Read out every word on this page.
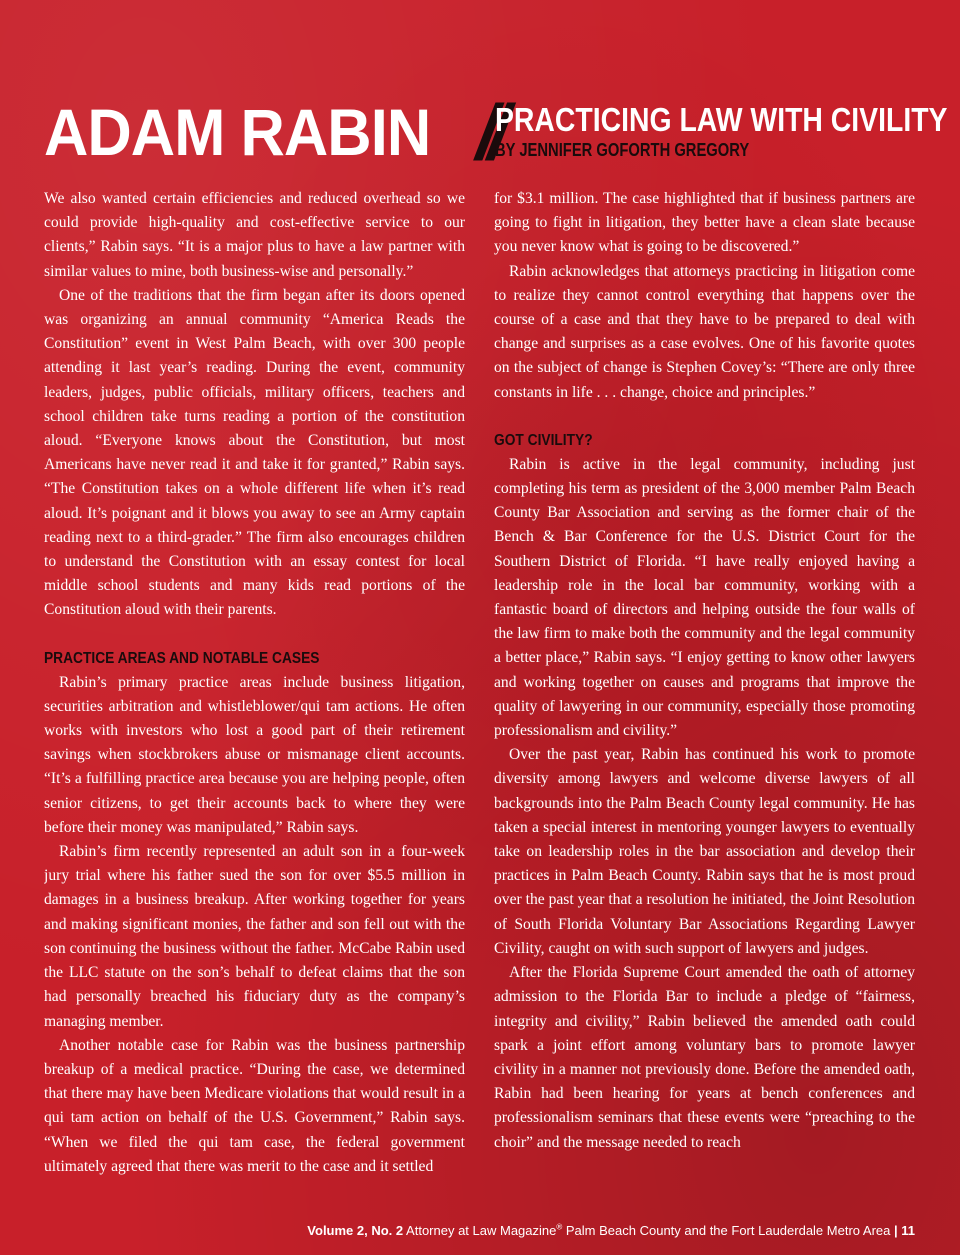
ADAM RABIN //
PRACTICING LAW WITH CIVILITY
BY JENNIFER GOFORTH GREGORY

We also wanted certain efficiencies and reduced overhead so we could provide high-quality and cost-effective service to our clients,” Rabin says. “It is a major plus to have a law partner with similar values to mine, both business-wise and personally.”

One of the traditions that the firm began after its doors opened was organizing an annual community “America Reads the Constitution” event in West Palm Beach, with over 300 people attending it last year’s reading. During the event, community leaders, judges, public officials, military officers, teachers and school children take turns reading a portion of the constitution aloud. “Everyone knows about the Constitution, but most Americans have never read it and take it for granted,” Rabin says. “The Constitution takes on a whole different life when it’s read aloud. It’s poignant and it blows you away to see an Army captain reading next to a third-grader.” The firm also encourages children to understand the Constitution with an essay contest for local middle school students and many kids read portions of the Constitution aloud with their parents.

PRACTICE AREAS AND NOTABLE CASES

Rabin’s primary practice areas include business litigation, securities arbitration and whistleblower/qui tam actions. He often works with investors who lost a good part of their retirement savings when stockbrokers abuse or mismanage client accounts. “It’s a fulfilling practice area because you are helping people, often senior citizens, to get their accounts back to where they were before their money was manipulated,” Rabin says.

Rabin’s firm recently represented an adult son in a four-week jury trial where his father sued the son for over $5.5 million in damages in a business breakup. After working together for years and making significant monies, the father and son fell out with the son continuing the business without the father. McCabe Rabin used the LLC statute on the son’s behalf to defeat claims that the son had personally breached his fiduciary duty as the company’s managing member.

Another notable case for Rabin was the business partnership breakup of a medical practice. “During the case, we determined that there may have been Medicare violations that would result in a qui tam action on behalf of the U.S. Government,” Rabin says. “When we filed the qui tam case, the federal government ultimately agreed that there was merit to the case and it settled

for $3.1 million. The case highlighted that if business partners are going to fight in litigation, they better have a clean slate because you never know what is going to be discovered.”

Rabin acknowledges that attorneys practicing in litigation come to realize they cannot control everything that happens over the course of a case and that they have to be prepared to deal with change and surprises as a case evolves. One of his favorite quotes on the subject of change is Stephen Covey’s: “There are only three constants in life . . . change, choice and principles.”

GOT CIVILITY?

Rabin is active in the legal community, including just completing his term as president of the 3,000 member Palm Beach County Bar Association and serving as the former chair of the Bench & Bar Conference for the U.S. District Court for the Southern District of Florida. “I have really enjoyed having a leadership role in the local bar community, working with a fantastic board of directors and helping outside the four walls of the law firm to make both the community and the legal community a better place,” Rabin says. “I enjoy getting to know other lawyers and working together on causes and programs that improve the quality of lawyering in our community, especially those promoting professionalism and civility.”

Over the past year, Rabin has continued his work to promote diversity among lawyers and welcome diverse lawyers of all backgrounds into the Palm Beach County legal community. He has taken a special interest in mentoring younger lawyers to eventually take on leadership roles in the bar association and develop their practices in Palm Beach County. Rabin says that he is most proud over the past year that a resolution he initiated, the Joint Resolution of South Florida Voluntary Bar Associations Regarding Lawyer Civility, caught on with such support of lawyers and judges.

After the Florida Supreme Court amended the oath of attorney admission to the Florida Bar to include a pledge of “fairness, integrity and civility,” Rabin believed the amended oath could spark a joint effort among voluntary bars to promote lawyer civility in a manner not previously done. Before the amended oath, Rabin had been hearing for years at bench conferences and professionalism seminars that these events were “preaching to the choir” and the message needed to reach

Volume 2, No. 2 Attorney at Law Magazine® Palm Beach County and the Fort Lauderdale Metro Area | 11
